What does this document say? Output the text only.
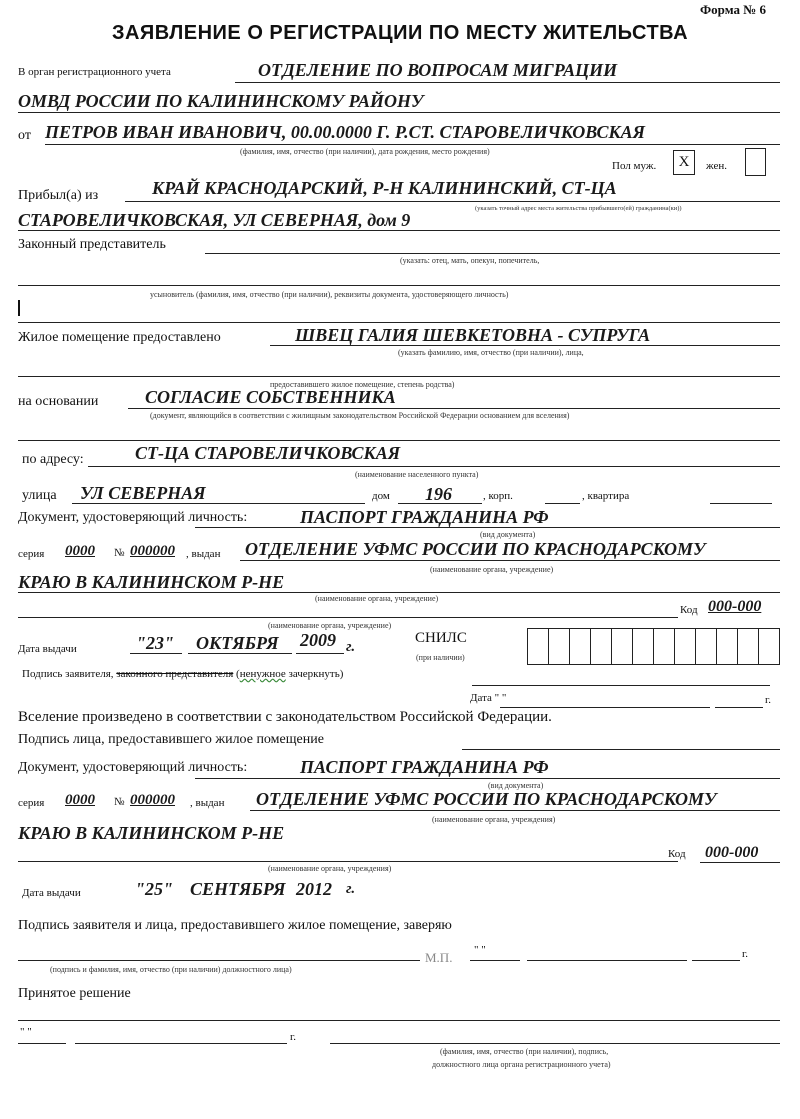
Форма № 6
ЗАЯВЛЕНИЕ О РЕГИСТРАЦИИ ПО МЕСТУ ЖИТЕЛЬСТВА
В орган регистрационного учета	ОТДЕЛЕНИЕ ПО ВОПРОСАМ МИГРАЦИИ
ОМВД РОССИИ ПО КАЛИНИНСКОМУ РАЙОНУ
от ПЕТРОВ ИВАН ИВАНОВИЧ, 00.00.0000 Г. Р.СТ. СТАРОВЕЛИЧКОВСКАЯ
(фамилия, имя, отчество (при наличии), дата рождения, место рождения)
Пол муж.	X	жен.
Прибыл(а) из	КРАЙ КРАСНОДАРСКИЙ, Р-Н КАЛИНИНСКИЙ, СТ-ЦА
(указать точный адрес места жительства прибывшего(ей) гражданина(ки))
СТАРОВЕЛИЧКОВСКАЯ, УЛ СЕВЕРНАЯ, дом 9
Законный представитель
(указать: отец, мать, опекун, попечитель,
усыновитель (фамилия, имя, отчество (при наличии), реквизиты документа, удостоверяющего личность)
Жилое помещение предоставлено	ШВЕЦ ГАЛИЯ ШЕВКЕТОВНА - СУПРУГА
(указать фамилию, имя, отчество (при наличии), лица,
предоставившего жилое помещение, степень родства)
на основании	СОГЛАСИЕ СОБСТВЕННИКА
(документ, являющийся в соответствии с жилищным законодательством Российской Федерации основанием для вселения)
по адресу:	СТ-ЦА СТАРОВЕЛИЧКОВСКАЯ
(наименование населенного пункта)
улица УЛ СЕВЕРНАЯ	дом 196	, корп.	, квартира
Документ, удостоверяющий личность:	ПАСПОРТ ГРАЖДАНИНА РФ
(вид документа)
серия 0000 № 000000 , выдан ОТДЕЛЕНИЕ УФМС РОССИИ ПО КРАСНОДАРСКОМУ
(наименование органа, учреждение)
КРАЮ В КАЛИНИНСКОМ Р-НЕ
(наименование органа, учреждение)
Код 000-000
(наименование органа, учреждение)
Дата выдачи	"23" ОКТЯБРЯ 2009 г.
СНИЛС
(при наличии)
Подпись заявителя, законного представителя (ненужное зачеркнуть)
Дата " "	г.
Вселение произведено в соответствии с законодательством Российской Федерации.
Подпись лица, предоставившего жилое помещение
Документ, удостоверяющий личность:	ПАСПОРТ ГРАЖДАНИНА РФ
(вид документа)
серия 0000 № 000000 , выдан ОТДЕЛЕНИЕ УФМС РОССИИ ПО КРАСНОДАРСКОМУ
(наименование органа, учреждения)
КРАЮ В КАЛИНИНСКОМ Р-НЕ
Код 000-000
(наименование органа, учреждения)
Дата выдачи	"25" СЕНТЯБРЯ 2012 г.
Подпись заявителя и лица, предоставившего жилое помещение, заверяю
(подпись и фамилия, имя, отчество (при наличии) должностного лица)
М.П. " "	г.
Принятое решение
" "	г.
(фамилия, имя, отчество (при наличии), подпись,
должностного лица органа регистрационного учета)
